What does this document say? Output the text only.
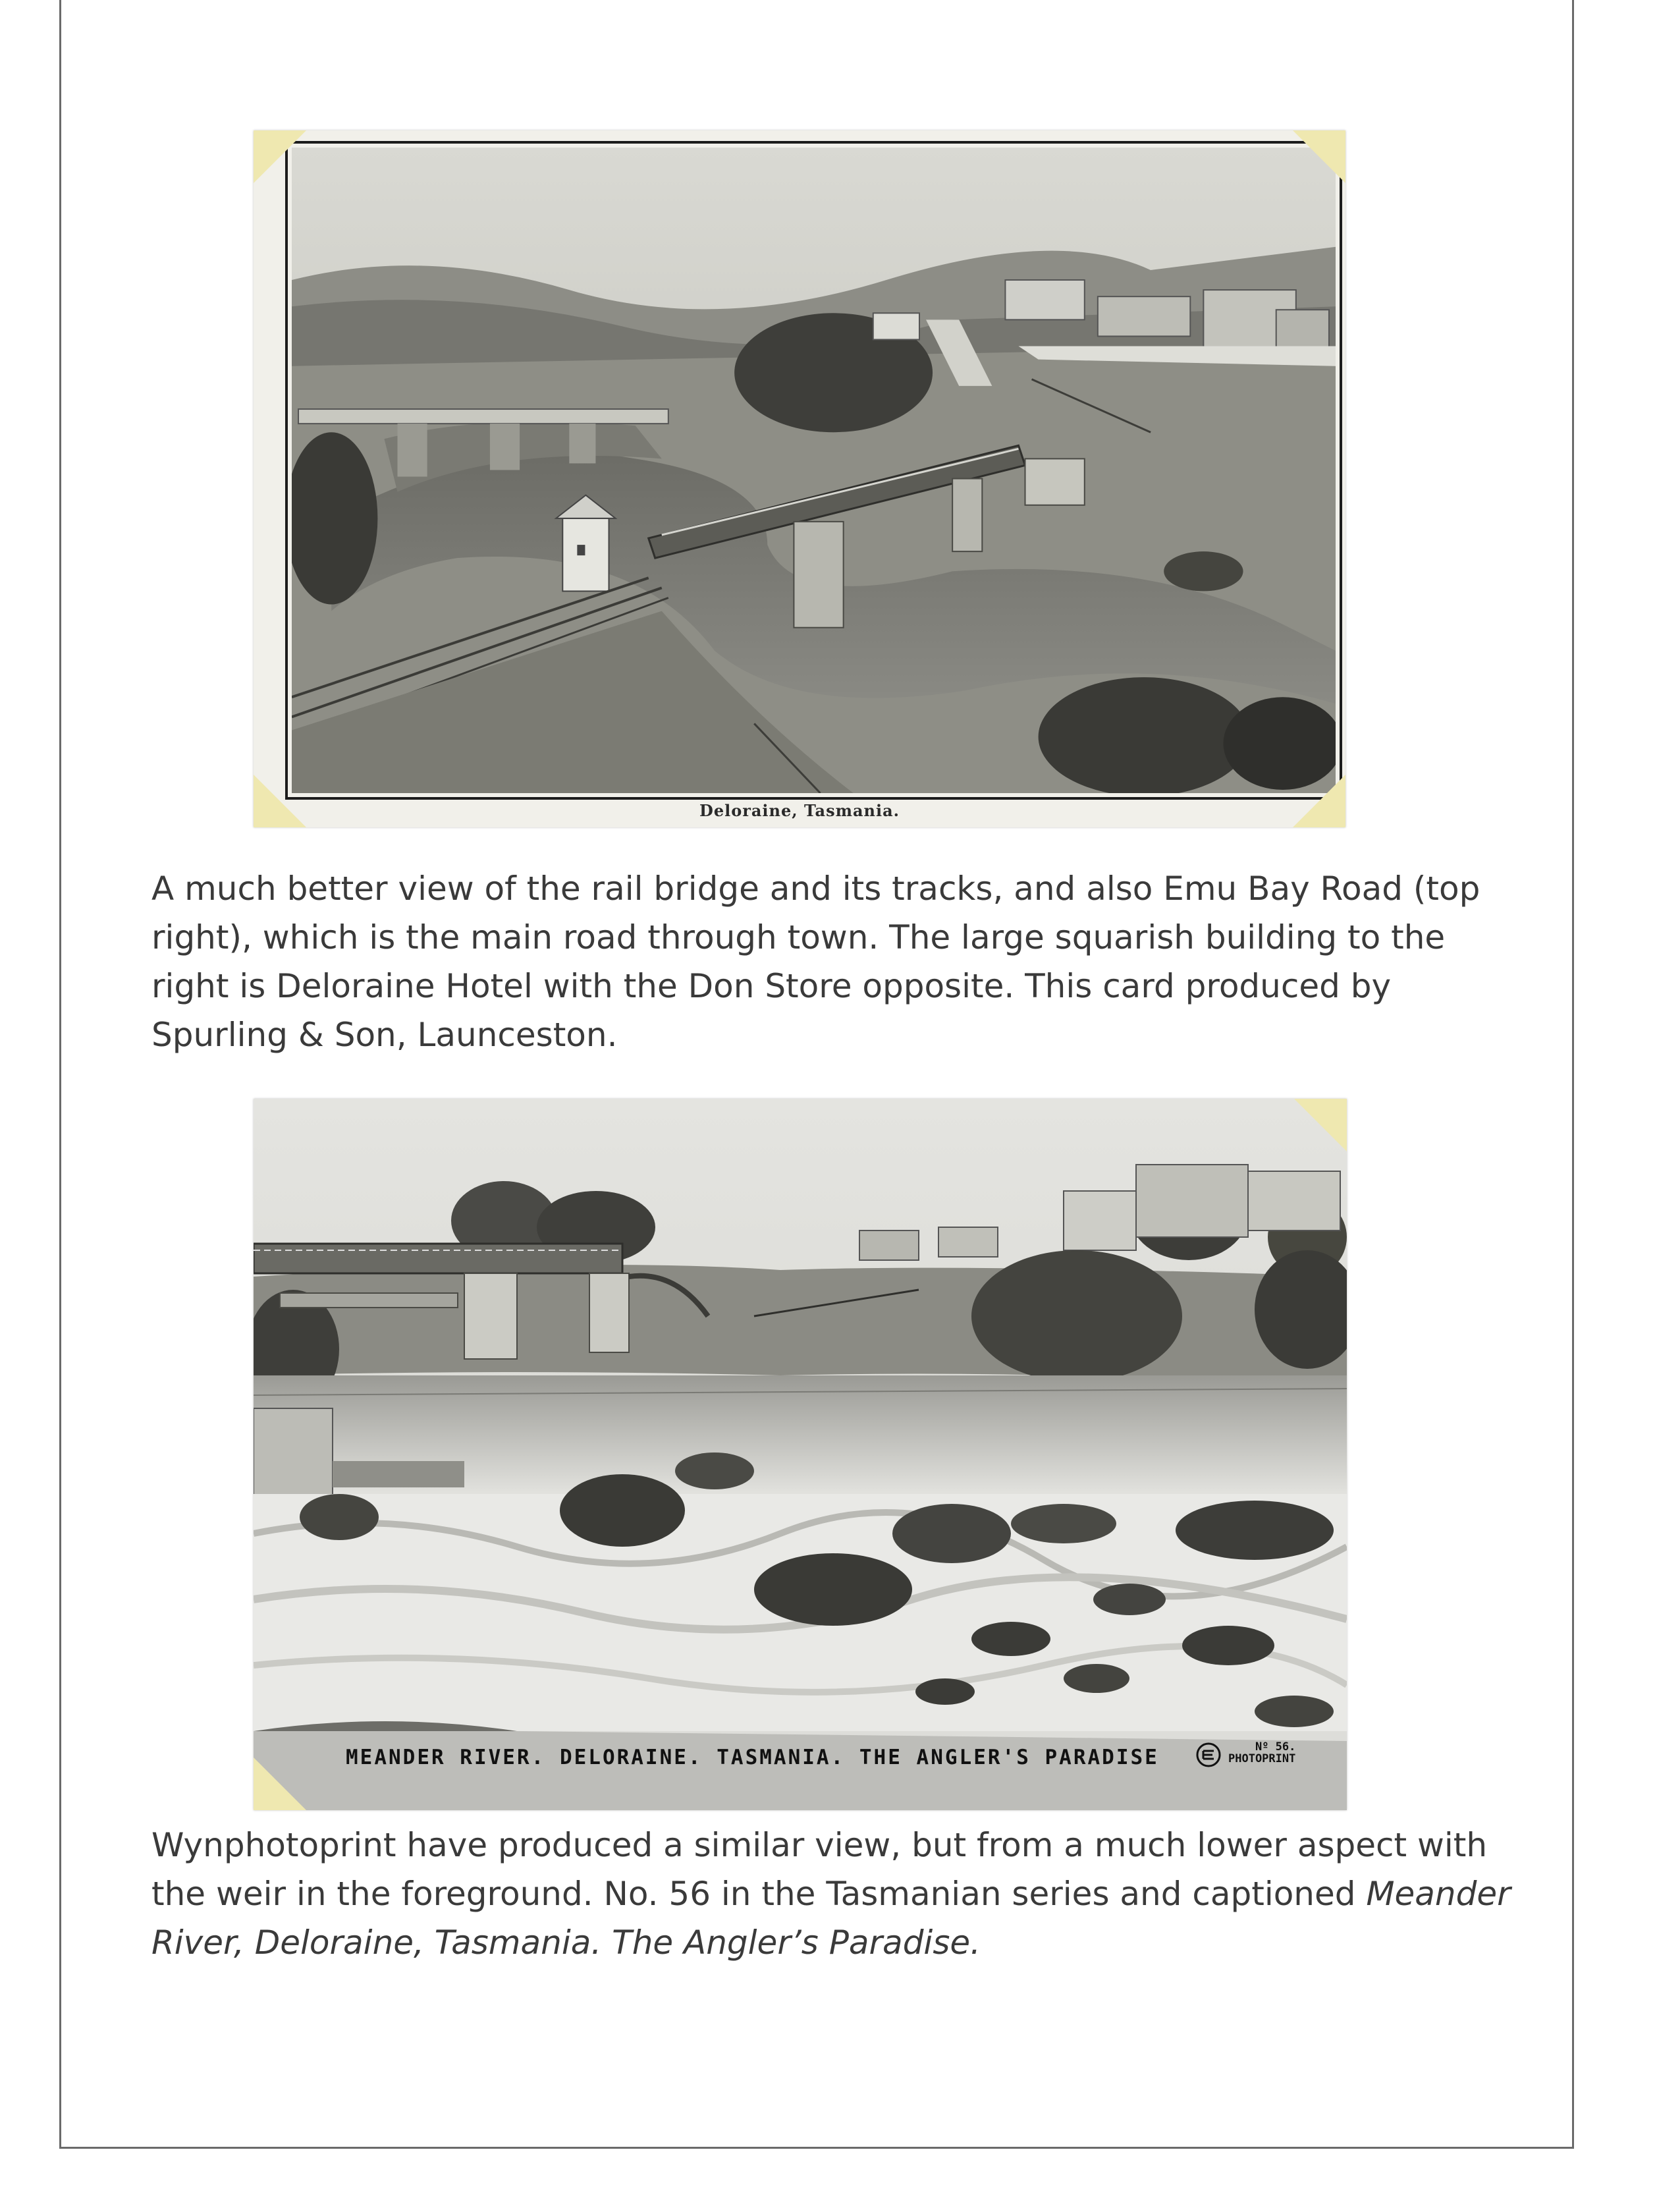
Deloraine, Tasmania.

A much better view of the rail bridge and its tracks, and also Emu Bay Road (top right), which is the main road through town. The large squarish building to the right is Deloraine Hotel with the Don Store opposite. This card produced by Spurling & Son, Launceston.

MEANDER RIVER. DELORAINE. TASMANIA. THE ANGLER'S PARADISE	Nº 56.
PHOTOPRINT

Wynphotoprint have produced a similar view, but from a much lower aspect with the weir in the foreground. No. 56 in the Tasmanian series and captioned Meander River, Deloraine, Tasmania. The Angler’s Paradise.
